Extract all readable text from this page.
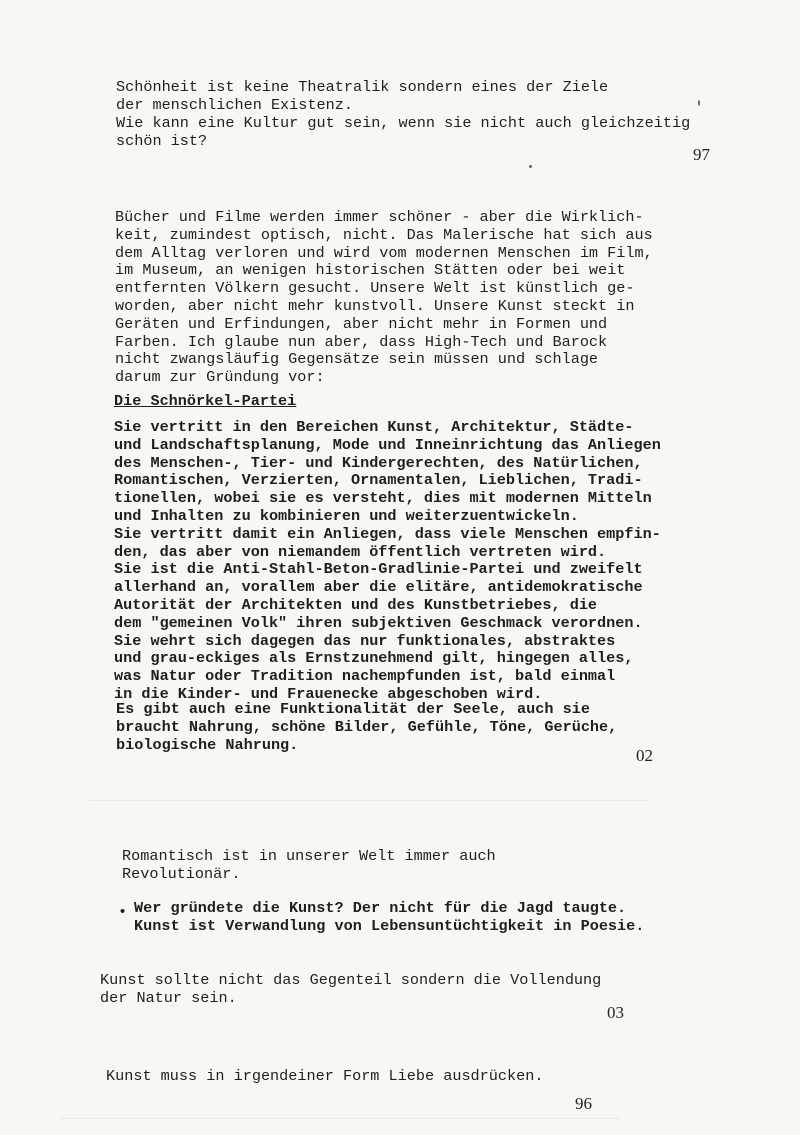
Schönheit ist keine Theatralik sondern eines der Ziele
der menschlichen Existenz.
Wie kann eine Kultur gut sein, wenn sie nicht auch gleichzeitig
schön ist?
97
Bücher und Filme werden immer schöner - aber die Wirklich-
keit, zumindest optisch, nicht. Das Malerische hat sich aus
dem Alltag verloren und wird vom modernen Menschen im Film,
im Museum, an wenigen historischen Stätten oder bei weit
entfernten Völkern gesucht. Unsere Welt ist künstlich ge-
worden, aber nicht mehr kunstvoll. Unsere Kunst steckt in
Geräten und Erfindungen, aber nicht mehr in Formen und
Farben. Ich glaube nun aber, dass High-Tech und Barock
nicht zwangsläufig Gegensätze sein müssen und schlage
darum zur Gründung vor:
Die Schnörkel-Partei
Sie vertritt in den Bereichen Kunst, Architektur, Städte-
und Landschaftsplanung, Mode und Inneinrichtung das Anliegen
des Menschen-, Tier- und Kindergerechten, des Natürlichen,
Romantischen, Verzierten, Ornamentalen, Lieblichen, Tradi-
tionellen, wobei sie es versteht, dies mit modernen Mitteln
und Inhalten zu kombinieren und weiterzuentwickeln.
Sie vertritt damit ein Anliegen, dass viele Menschen empfin-
den, das aber von niemandem öffentlich vertreten wird.
Sie ist die Anti-Stahl-Beton-Gradlinie-Partei und zweifelt
allerhand an, vorallem aber die elitäre, antidemokratische
Autorität der Architekten und des Kunstbetriebes, die
dem "gemeinen Volk" ihren subjektiven Geschmack verordnen.
Sie wehrt sich dagegen das nur funktionales, abstraktes
und grau-eckiges als Ernstzunehmend gilt, hingegen alles,
was Natur oder Tradition nachempfunden ist, bald einmal
in die Kinder- und Frauenecke abgeschoben wird.
Es gibt auch eine Funktionalität der Seele, auch sie
braucht Nahrung, schöne Bilder, Gefühle, Töne, Gerüche,
biologische Nahrung.
02
Romantisch ist in unserer Welt immer auch
Revolutionär.
• Wer gründete die Kunst? Der nicht für die Jagd taugte.
Kunst ist Verwandlung von Lebensuntüchtigkeit in Poesie.
Kunst sollte nicht das Gegenteil sondern die Vollendung
der Natur sein.
03
Kunst muss in irgendeiner Form Liebe ausdrücken.
96
